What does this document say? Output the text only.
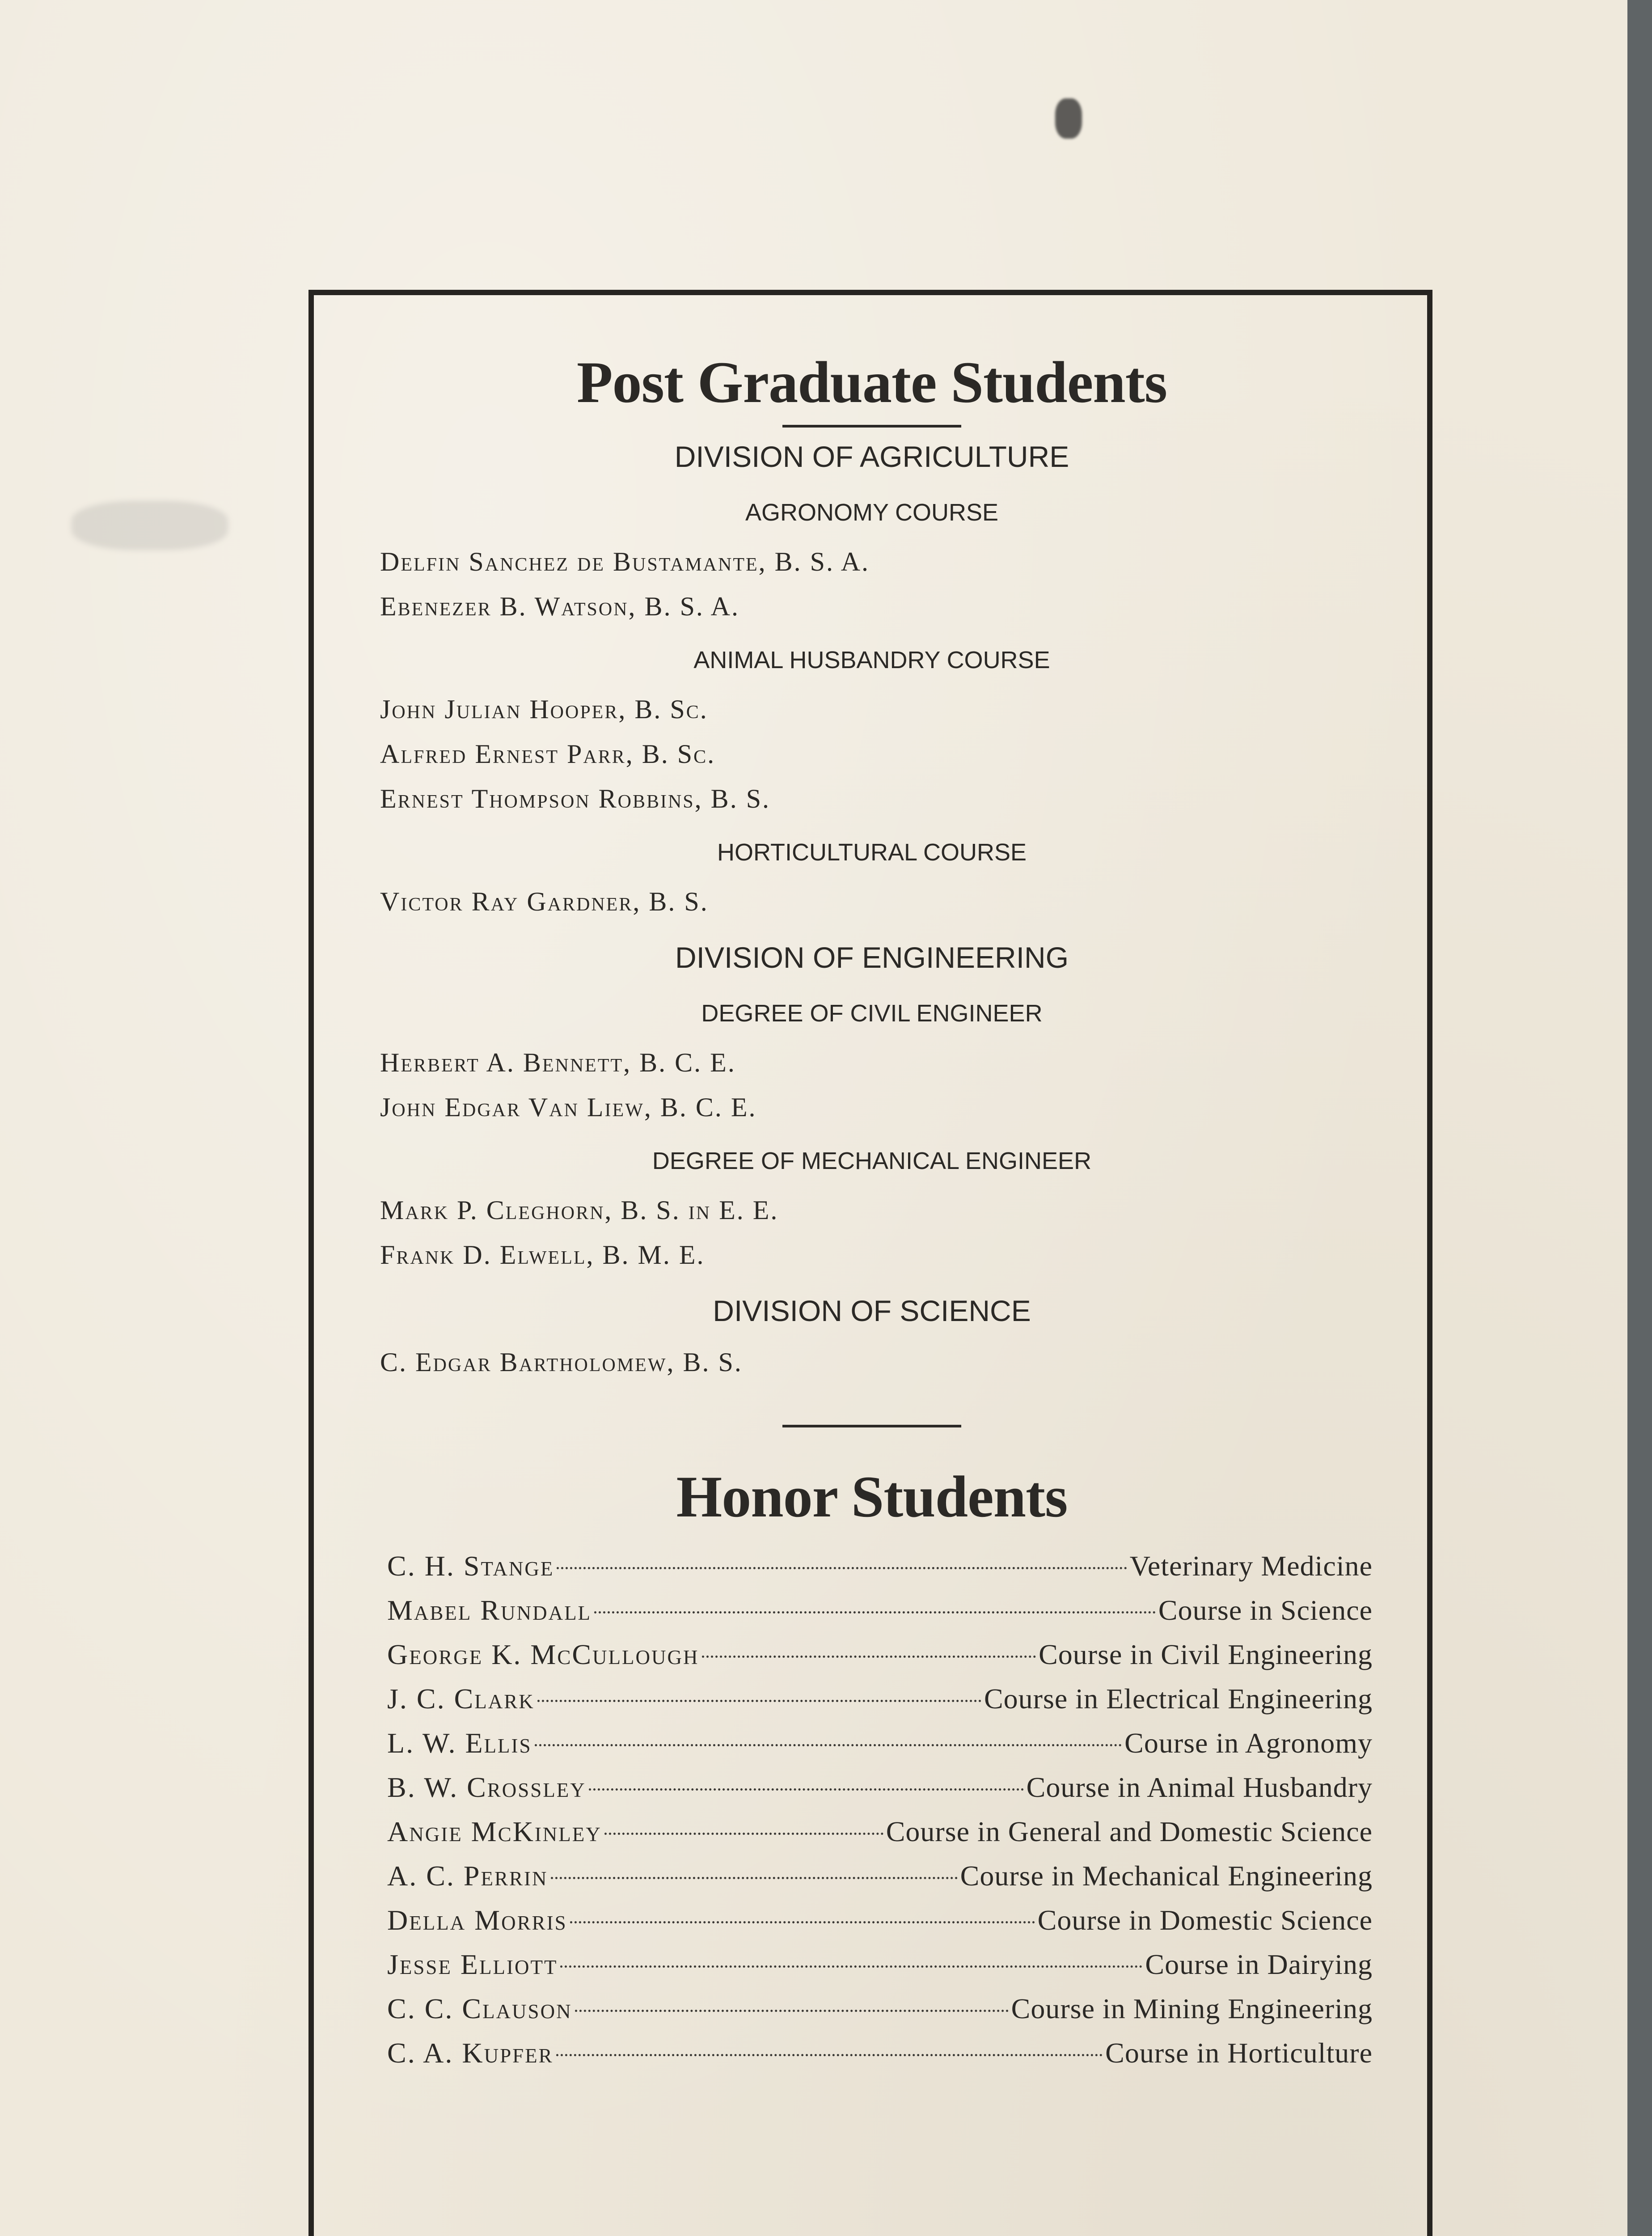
Post Graduate Students
DIVISION OF AGRICULTURE
AGRONOMY COURSE
Delfin Sanchez de Bustamante, B. S. A.
Ebenezer B. Watson, B. S. A.
ANIMAL HUSBANDRY COURSE
John Julian Hooper, B. Sc.
Alfred Ernest Parr, B. Sc.
Ernest Thompson Robbins, B. S.
HORTICULTURAL COURSE
Victor Ray Gardner, B. S.
DIVISION OF ENGINEERING
DEGREE OF CIVIL ENGINEER
Herbert A. Bennett, B. C. E.
John Edgar Van Liew, B. C. E.
DEGREE OF MECHANICAL ENGINEER
Mark P. Cleghorn, B. S. in E. E.
Frank D. Elwell, B. M. E.
DIVISION OF SCIENCE
C. Edgar Bartholomew, B. S.
Honor Students
C. H. Stange	Veterinary Medicine
Mabel Rundall	Course in Science
George K. McCullough	Course in Civil Engineering
J. C. Clark	Course in Electrical Engineering
L. W. Ellis	Course in Agronomy
B. W. Crossley	Course in Animal Husbandry
Angie McKinley	Course in General and Domestic Science
A. C. Perrin	Course in Mechanical Engineering
Della Morris	Course in Domestic Science
Jesse Elliott	Course in Dairying
C. C. Clauson	Course in Mining Engineering
C. A. Kupfer	Course in Horticulture
